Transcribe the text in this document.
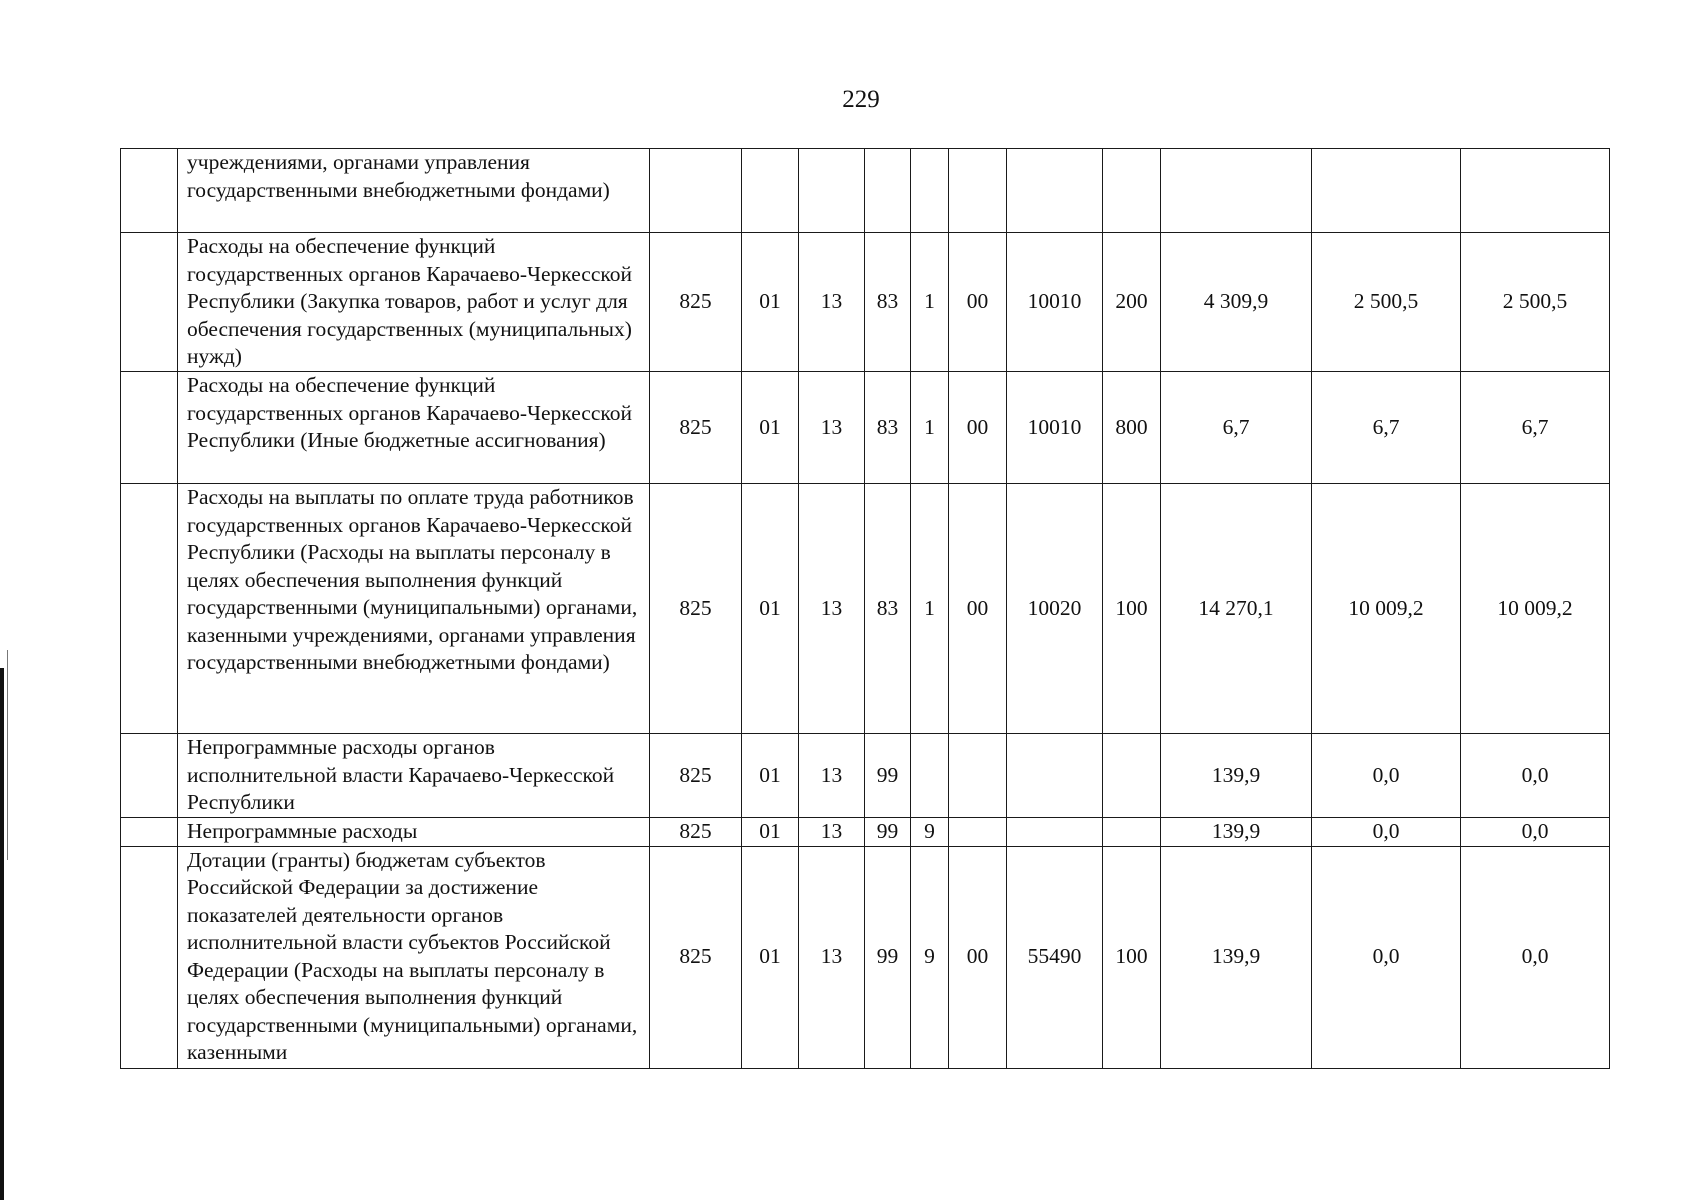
229
	учреждениями, органами управления государственными внебюджетными фондами)											
	Расходы на обеспечение функций государственных органов Карачаево-Черкесской Республики (Закупка товаров, работ и услуг для обеспечения государственных (муниципальных) нужд)	825	01	13	83	1	00	10010	200	4 309,9	2 500,5	2 500,5
	Расходы на обеспечение функций государственных органов Карачаево-Черкесской Республики (Иные бюджетные ассигнования)	825	01	13	83	1	00	10010	800	6,7	6,7	6,7
	Расходы на выплаты по оплате труда работников государственных органов Карачаево-Черкесской Республики (Расходы на выплаты персоналу в целях обеспечения выполнения функций государственными (муниципальными) органами, казенными учреждениями, органами управления государственными внебюджетными фондами)	825	01	13	83	1	00	10020	100	14 270,1	10 009,2	10 009,2
	Непрограммные расходы органов исполнительной власти Карачаево-Черкесской Республики	825	01	13	99					139,9	0,0	0,0
	Непрограммные расходы	825	01	13	99	9				139,9	0,0	0,0
	Дотации (гранты) бюджетам субъектов Российской Федерации за достижение показателей деятельности органов исполнительной власти субъектов Российской Федерации (Расходы на выплаты персоналу в целях обеспечения выполнения функций государственными (муниципальными) органами, казенными	825	01	13	99	9	00	55490	100	139,9	0,0	0,0
